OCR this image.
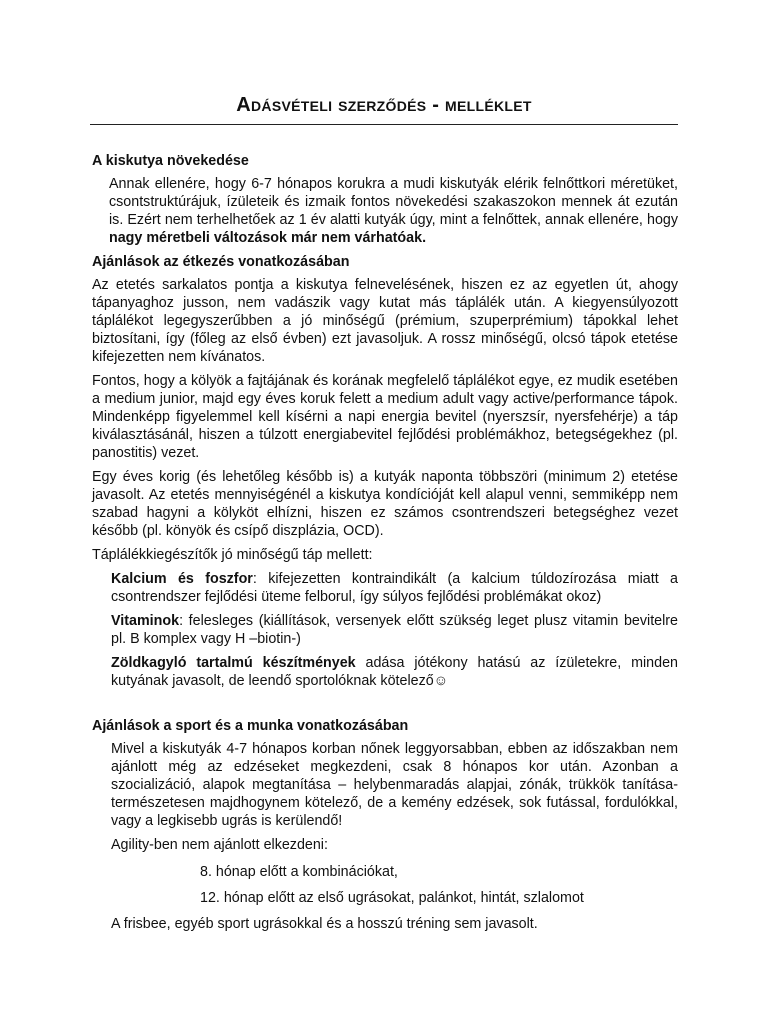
Adásvételi szerződés - melléklet
A kiskutya növekedése

Annak ellenére, hogy 6-7 hónapos korukra a mudi kiskutyák elérik felnőttkori méretüket, csontstruktúrájuk, ízületeik és izmaik fontos növekedési szakaszokon mennek át ezután is. Ezért nem terhelhetőek az 1 év alatti kutyák úgy, mint a felnőttek, annak ellenére, hogy nagy méretbeli változások már nem várhatóak.

Ajánlások az étkezés vonatkozásában

Az etetés sarkalatos pontja a kiskutya felnevelésének, hiszen ez az egyetlen út, ahogy tápanyaghoz jusson, nem vadászik vagy kutat más táplálék után. A kiegyensúlyozott táplálékot legegyszerűbben a jó minőségű (prémium, szuperprémium) tápokkal lehet biztosítani, így (főleg az első évben) ezt javasoljuk. A rossz minőségű, olcsó tápok etetése kifejezetten nem kívánatos.

Fontos, hogy a kölyök a fajtájának és korának megfelelő táplálékot egye, ez mudik esetében a medium junior, majd egy éves koruk felett a medium adult vagy active/performance tápok. Mindenképp figyelemmel kell kísérni a napi energia bevitel (nyerszsír, nyersfehérje) a táp kiválasztásánál, hiszen a túlzott energiabevitel fejlődési problémákhoz, betegségekhez (pl. panostitis) vezet.

Egy éves korig (és lehetőleg később is) a kutyák naponta többszöri (minimum 2) etetése javasolt. Az etetés mennyiségénél a kiskutya kondícióját kell alapul venni, semmiképp nem szabad hagyni a kölyköt elhízni, hiszen ez számos csontrendszeri betegséghez vezet később (pl. könyök és csípő diszplázia, OCD).

Táplálékkiegészítők jó minőségű táp mellett:

Kalcium és foszfor: kifejezetten kontraindikált (a kalcium túldozírozása miatt a csontrendszer fejlődési üteme felborul, így súlyos fejlődési problémákat okoz)

Vitaminok: felesleges (kiállítások, versenyek előtt szükség leget plusz vitamin bevitelre pl. B komplex vagy H –biotin-)

Zöldkagyló tartalmú készítmények adása jótékony hatású az ízületekre, minden kutyának javasolt, de leendő sportolóknak kötelező☺

Ajánlások a sport és a munka vonatkozásában

Mivel a kiskutyák 4-7 hónapos korban nőnek leggyorsabban, ebben az időszakban nem ajánlott még az edzéseket megkezdeni, csak 8 hónapos kor után. Azonban a szocializáció, alapok megtanítása – helybenmaradás alapjai, zónák, trükkök tanítása- természetesen majdhogynem kötelező, de a kemény edzések, sok futással, fordulókkal, vagy a legkisebb ugrás is kerülendő!

Agility-ben nem ajánlott elkezdeni:

8. hónap előtt a kombinációkat,

12. hónap előtt az első ugrásokat, palánkot, hintát, szlalomot

A frisbee, egyéb sport ugrásokkal és a hosszú tréning sem javasolt.
